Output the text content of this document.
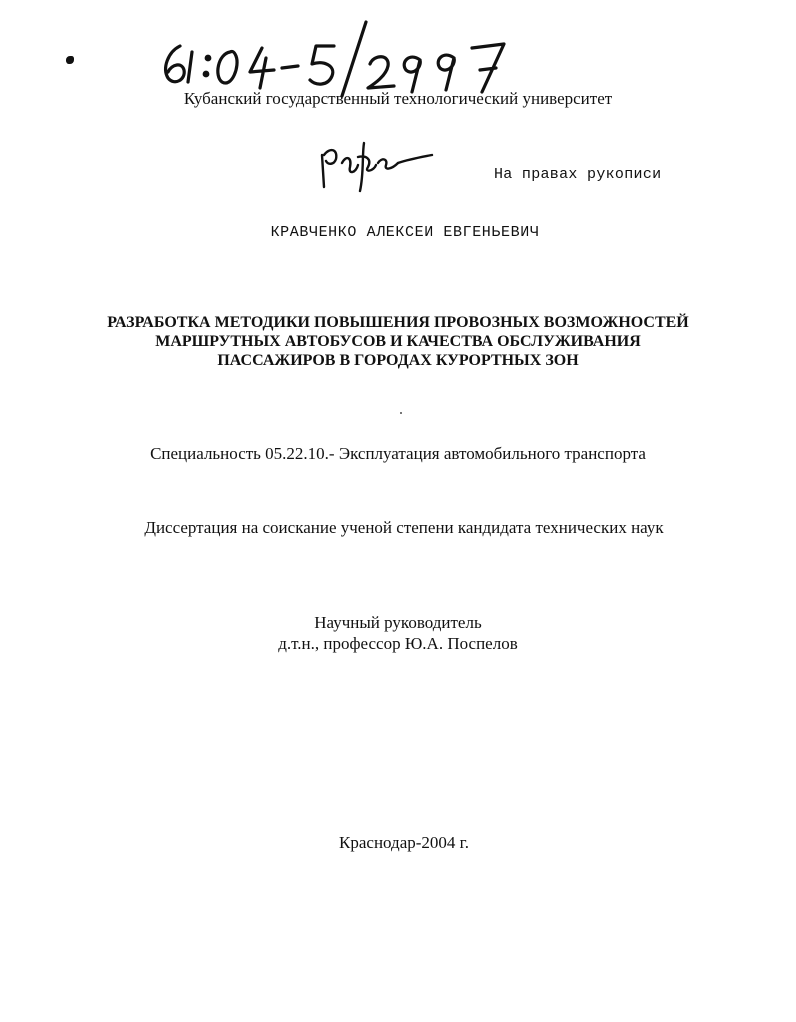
Кубанский государственный технологический университет
На правах рукописи
КРАВЧЕНКО АЛЕКСЕИ ЕВГЕНЬЕВИЧ
РАЗРАБОТКА МЕТОДИКИ ПОВЫШЕНИЯ ПРОВОЗНЫХ ВОЗМОЖНОСТЕЙ
МАРШРУТНЫХ АВТОБУСОВ И КАЧЕСТВА ОБСЛУЖИВАНИЯ
ПАССАЖИРОВ В ГОРОДАХ КУРОРТНЫХ ЗОН
Специальность 05.22.10.- Эксплуатация автомобильного транспорта
Диссертация на соискание ученой степени кандидата технических наук
Научный руководитель
д.т.н., профессор Ю.А. Поспелов
Краснодар-2004 г.
